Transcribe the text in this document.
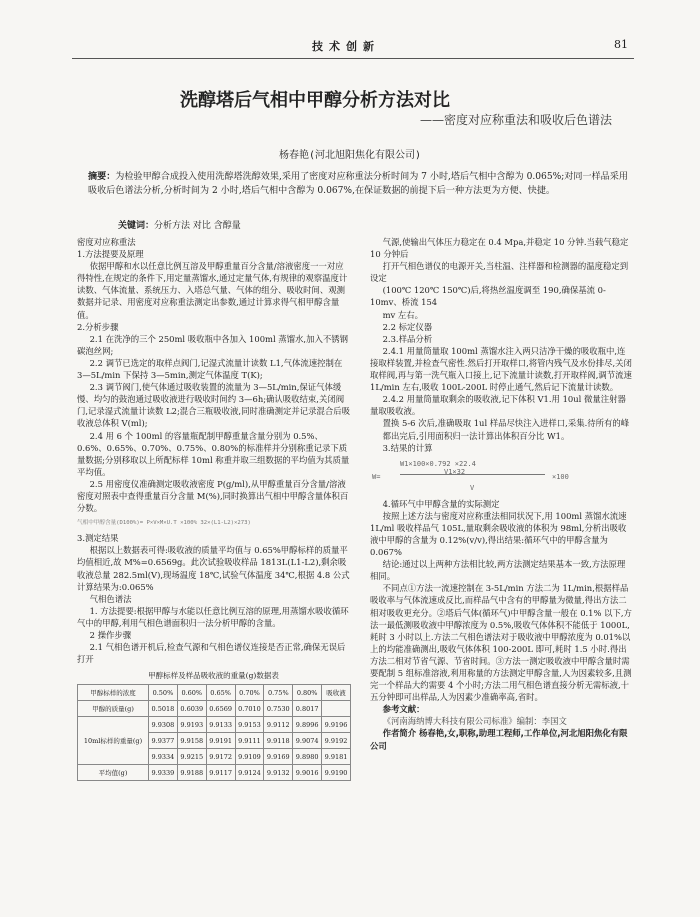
技术创新	81
洗醇塔后气相中甲醇分析方法对比
——密度对应称重法和吸收后色谱法
杨春艳(河北旭阳焦化有限公司)
摘要：为检验甲醇合成投入使用洗醇塔洗醇效果,采用了密度对应称重法分析时间为 7 小时,塔后气相中含醇为 0.065%;对同一样品采用吸收后色谱法分析,分析时间为 2 小时,塔后气相中含醇为 0.067%,在保证数据的前提下后一种方法更为方便、快捷。
关键词：分析方法 对比 含醇量

密度对应称重法

1.方法提要及原理

依据甲醇和水以任意比例互溶及甲醇重量百分含量/溶液密度一一对应得特性,在规定的条件下,用定量蒸馏水,通过定量气体,有规律的观察温度计读数、气体流量、系统压力、入塔总气量、气体的组分、吸收时间、观测数据并记录、用密度对应称重法测定出参数,通过计算求得气相甲醇含量值。

2.分析步骤

2.1 在洗净的三个 250ml 吸收瓶中各加入 100ml 蒸馏水,加入不锈钢碳泡丝网;

2.2 调节已选定的取样点阀门,记湿式流量计读数 L1,气体流速控制在 3—5L/min 下保持 3—5min,测定气体温度 T(K);

2.3 调节阀门,使气体通过吸收装置的流量为 3—5L/min,保证气体缓慢、均匀的鼓泡通过吸收液进行吸收时间约 3—6h;确认吸收结束,关闭阀门,记录湿式流量计读数 L2;混合三瓶吸收液,同时准确测定并记录混合后吸收液总体积 V(ml);

2.4 用 6 个 100ml 的容量瓶配制甲醇重量含量分别为 0.5%、0.6%、0.65%、0.70%、0.75%、0.80%的标准样并分别称重记录下质量数据;分别移取以上所配标样 10ml 称重并取三组数据的平均值为其质量平均值。

2.5 用密度仪准确测定吸收液密度 P(g/ml),从甲醇重量百分含量/溶液密度对照表中查得重量百分含量 M(%),同时换算出气相中甲醇含量体积百分数。

气相中甲醇含量(D100%)= P×V×M×U.T ×100% 32×(L1-L2)×273)

3.测定结果

根据以上数据表可得:吸收液的质量平均值与 0.65%甲醇标样的质量平均值相近,故 M%=0.6569g。此次试验吸收样品 1813L(L1-L2),剩余吸收液总量 282.5ml(V),现场温度 18℃,试验气体温度 34℃,根据 4.8 公式计算结果为:0.065%

气相色谱法

1. 方法提要:根据甲醇与水能以任意比例互溶的原理,用蒸馏水吸收循环气中的甲醇,利用气相色谱面积归一法分析甲醇的含量。

2 操作步骤

2.1 气相色谱开机后,检查气源和气相色谱仪连接是否正常,确保无误后打开

甲醇标样及样品吸收液的重量(g)数据表
甲醇标样的浓度	0.50%	0.60%	0.65%	0.70%	0.75%	0.80%	吸收液
甲醇的质量(g)	0.5018	0.6039	0.6569	0.7010	0.7530	0.8017	
10ml标样的重量(g)	9.9308	9.9193	9.9133	9.9153	9.9112	9.8996	9.9196
	9.9377	9.9158	9.9191	9.9111	9.9118	9.9074	9.9192
	9.9334	9.9215	9.9172	9.9109	9.9169	9.8980	9.9181
平均值(g)	9.9339	9.9188	9.9117	9.9124	9.9132	9.9016	9.9190

气源,使输出气体压力稳定在 0.4 Mpa,并稳定 10 分钟.当载气稳定 10 分钟后

打开气相色谱仪的电源开关,当柱温、注样器和检测器的温度稳定到设定

(100℃ 120℃ 150℃)后,将热丝温度调至 190,确保基流 0-10mv、桥流 154

mv 左右。

2.2 标定仪器

2.3.样品分析

2.4.1 用量筒量取 100ml 蒸馏水注入两只洁净干燥的吸收瓶中,连接取样装置,并检查气密性.然后打开取样口,将管内残气及水份排尽,关闭取样阀,再与第一洗气瓶入口接上,记下流量计读数,打开取样阀,调节流速 1L/min 左右,吸收 100L-200L 时停止通气,然后记下流量计读数。

2.4.2 用量筒量取剩余的吸收液,记下体积 V1.用 10ul 微量注射器量取吸收液。

置换 5-6 次后,准确吸取 1ul 样品尽快注入进样口,采集.待所有的峰

都出完后,引用面积归一法计算出体积百分比 W1。

3.结果的计算

W=
W1×100×0.792 ×22.4
V1×32
V
×100

4.循环气中甲醇含量的实际测定

按照上述方法与密度对应称重法相同状况下,用 100ml 蒸馏水流速 1L/ml 吸收样品气 105L,量取剩余吸收液的体积为 98ml,分析出吸收液中甲醇的含量为 0.12%(v/v),得出结果:循环气中的甲醇含量为 0.067%

结论:通过以上两种方法相比较,两方法测定结果基本一致,方法原理相同。

不同点①方法一流速控制在 3-5L/min 方法二为 1L/min,根据样品吸收率与气体流速成反比,而样品气中含有的甲醇量为微量,得出方法二相对吸收更充分。②塔后气体(循环气)中甲醇含量一般在 0.1% 以下,方法一最低测吸收液中甲醇浓度为 0.5%,吸收气体体积不能低于 1000L,耗时 3 小时以上.方法二气相色谱法对于吸收液中甲醇浓度为 0.01%以上的均能准确测出,吸收气体体积 100-200L 即可,耗时 1.5 小时.得出方法二相对节省气源、节省时间。③方法一测定吸收液中甲醇含量时需要配制 5 组标准溶液,利用称量的方法测定甲醇含量,人为因素较多,且测完一个样品大约需要 4 个小时;方法二用气相色谱直接分析无需标液,十五分钟即可出样品,人为因素少准确率高,省时。

参考文献：

《河南海纳博大科技有限公司标准》编制：李国文

作者简介 杨春艳,女,职称,助理工程师,工作单位,河北旭阳焦化有限公司
